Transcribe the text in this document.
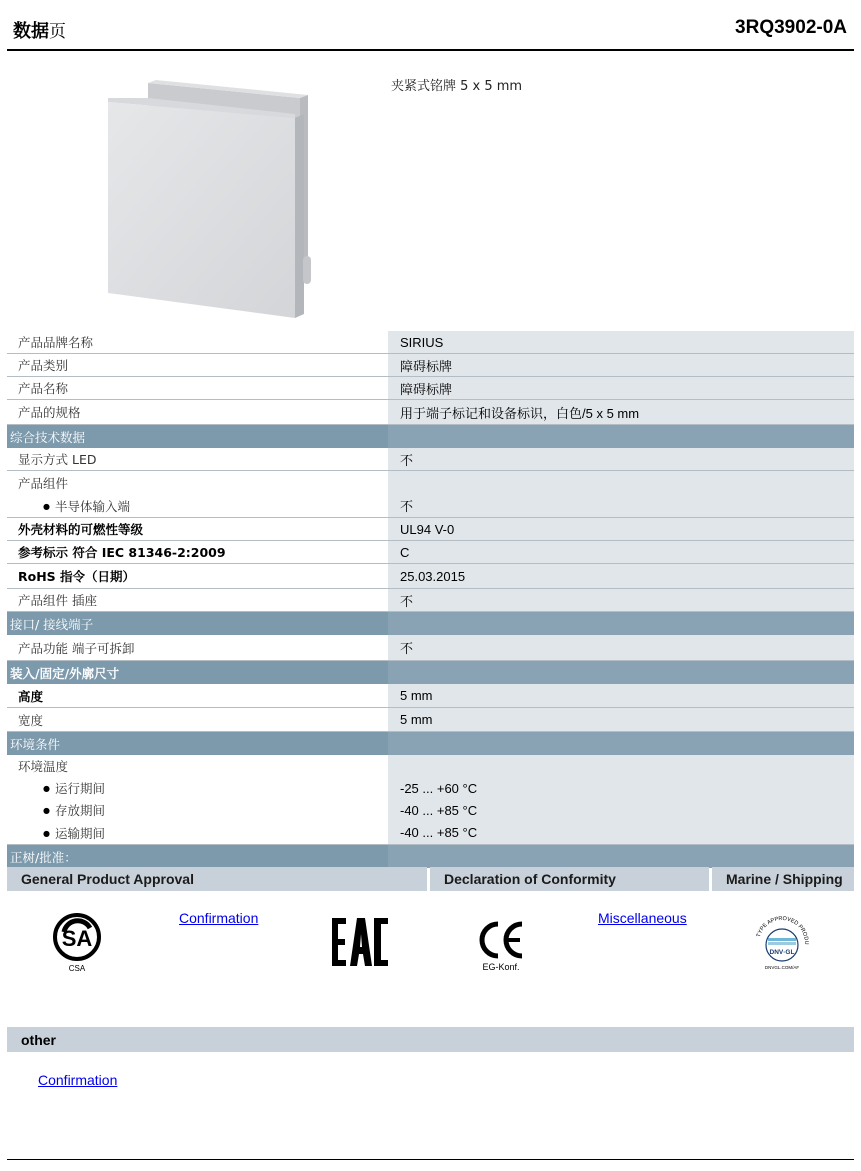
数据页	3RQ3902-0A
夹紧式铭牌 5 x 5 mm
产品品牌名称	SIRIUS
产品类别	障碍标牌
产品名称	障碍标牌
产品的规格	用于端子标记和设备标识，白色/5 x 5 mm
综合技术数据
显示方式 LED	不
产品组件
● 半导体输入端	不
外壳材料的可燃性等级	UL94 V-0
参考标示 符合 IEC 81346-2:2009	C
RoHS 指令（日期）	25.03.2015
产品组件 插座	不
接口/ 接线端子
产品功能 端子可拆卸	不
装入/固定/外廓尺寸
高度	5 mm
宽度	5 mm
环境条件
环境温度
● 运行期间	-25 ... +60 °C
● 存放期间	-40 ... +85 °C
● 运输期间	-40 ... +85 °C
正树/批准：
General Product Approval	Declaration of Conformity	Marine / Shipping
SA
CSA
Confirmation
EG-Konf.
Miscellaneous
TYPE APPROVED PRODU
DNV·GL
DNVGL.COM/AF
other
Confirmation
